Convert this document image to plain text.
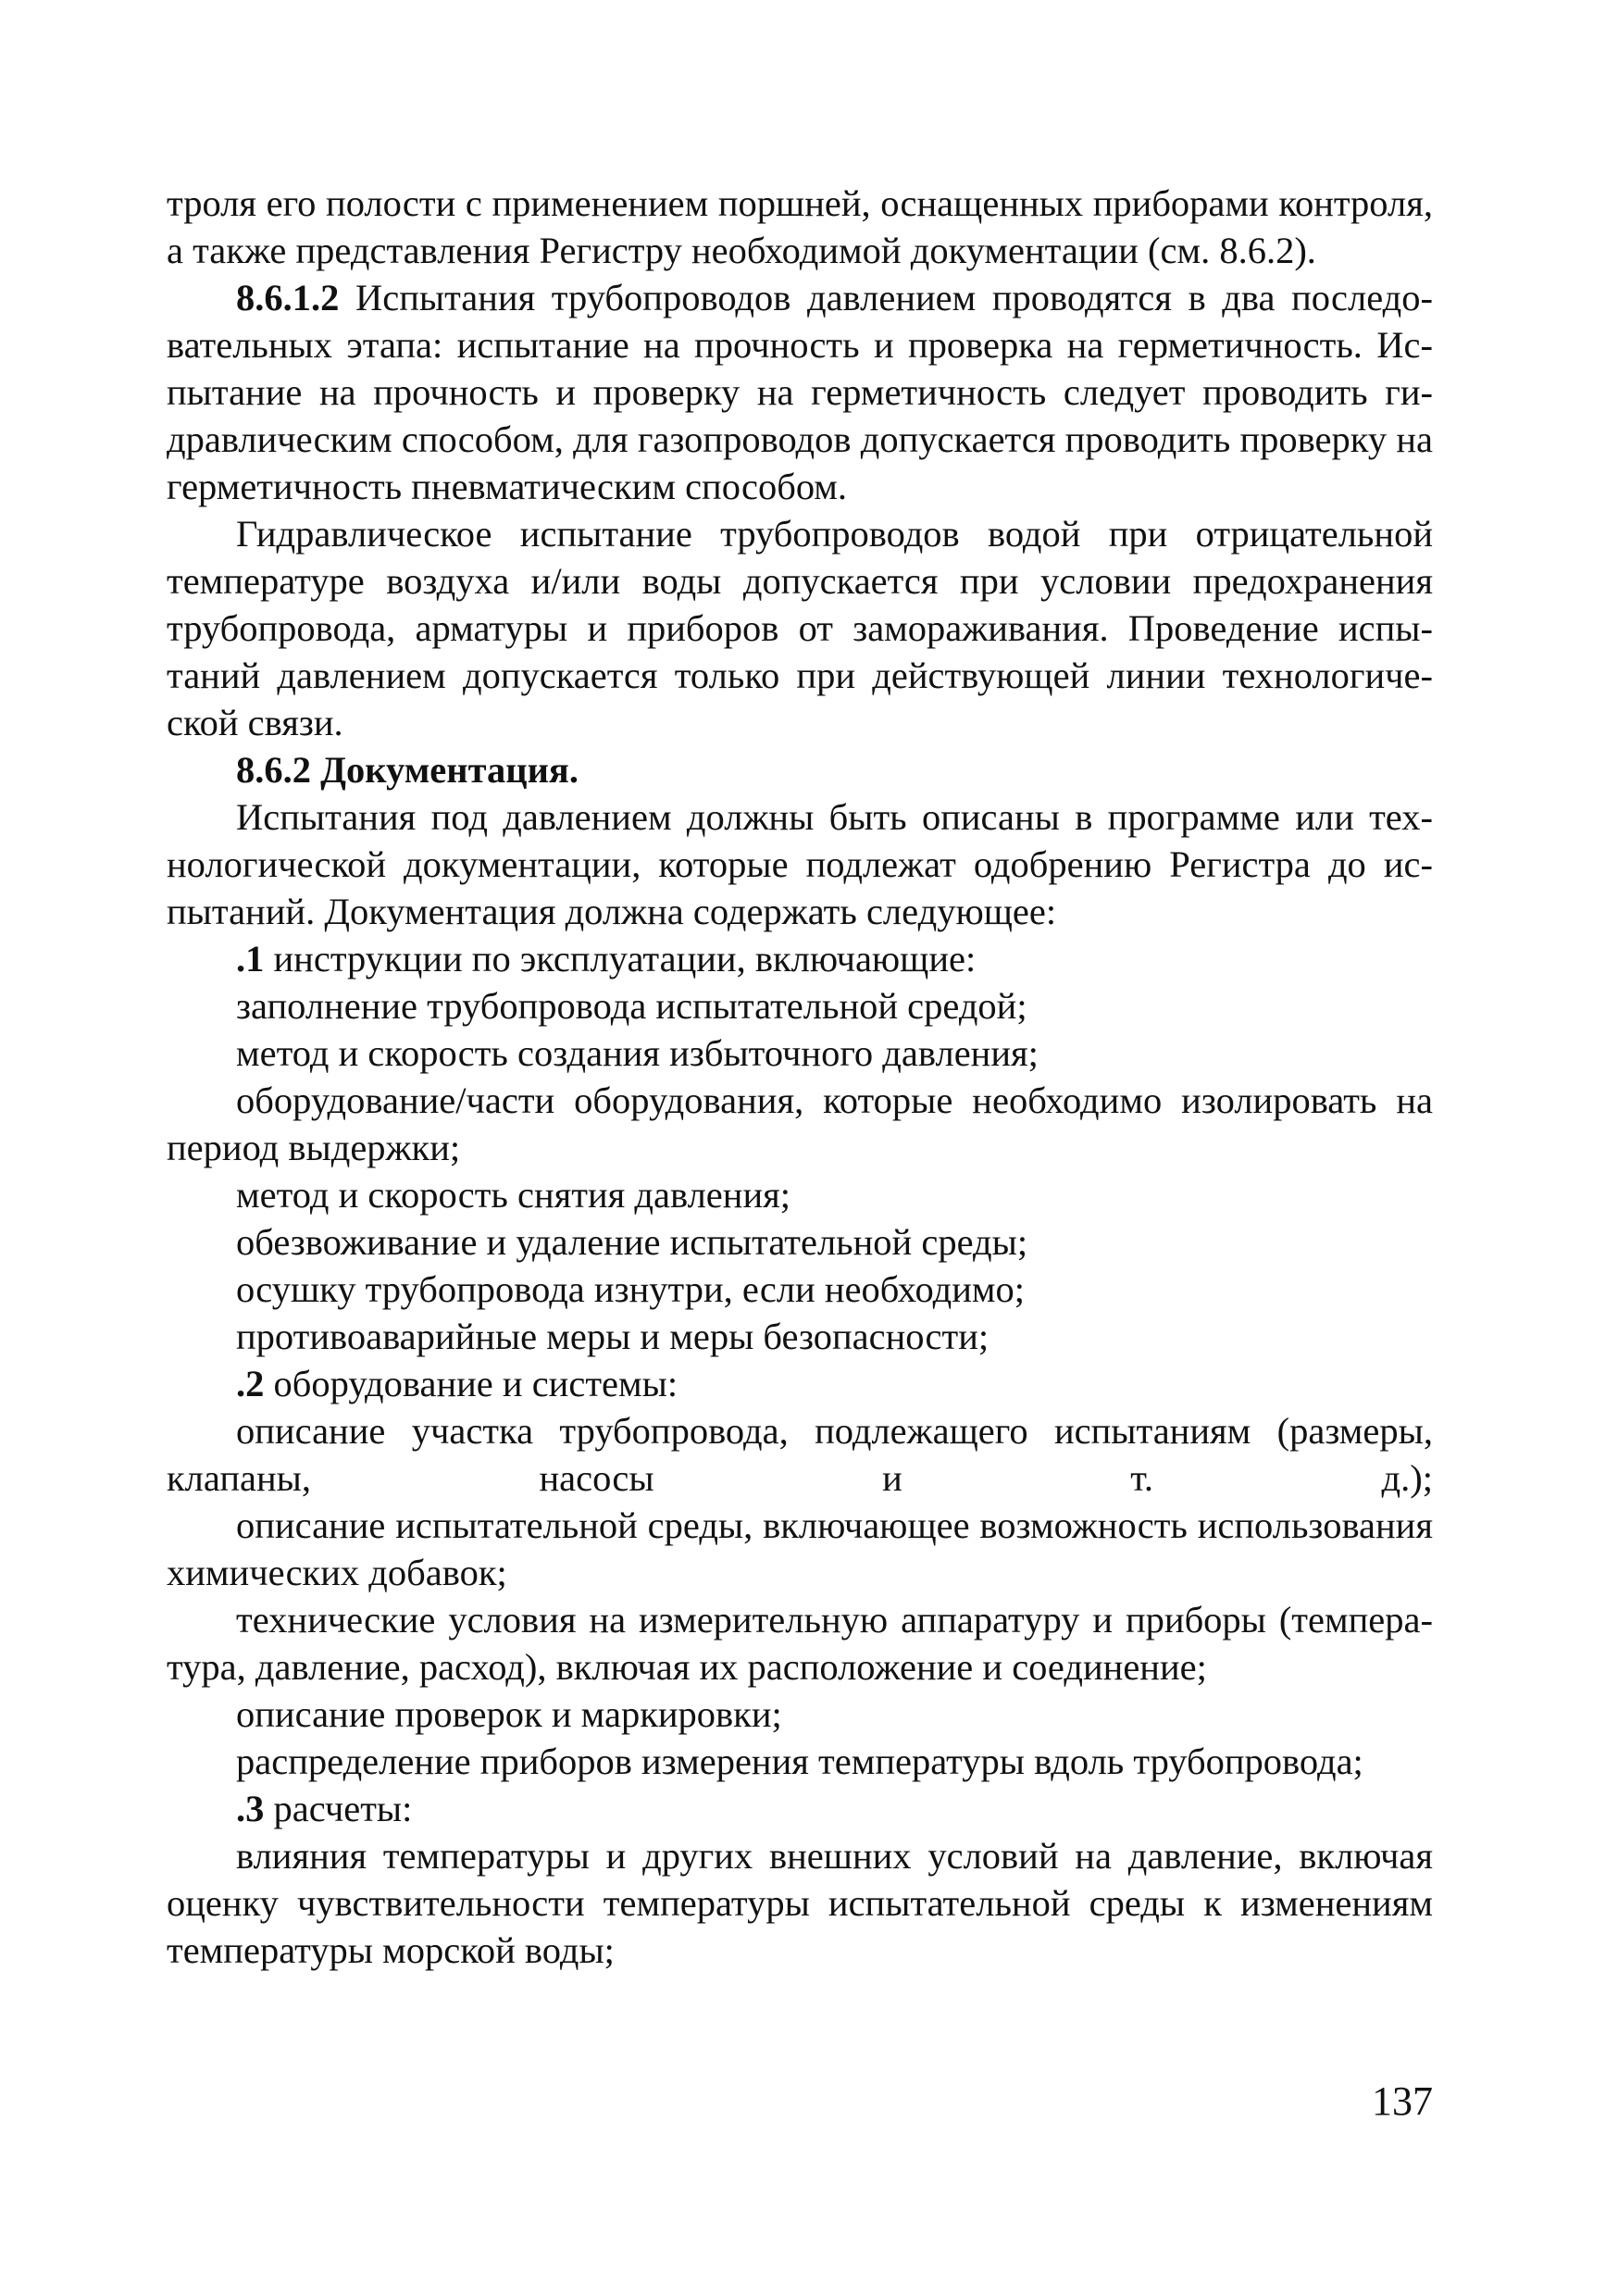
троля его полости с применением поршней, оснащенных приборами контроля, а также представления Регистру необходимой документации (см. 8.6.2).

8.6.1.2 Испытания трубопроводов давлением проводятся в два последовательных этапа: испытание на прочность и проверка на герметичность. Испытание на прочность и проверку на герметичность следует проводить гидравлическим способом, для газопроводов допускается проводить проверку на герметичность пневматическим способом.

Гидравлическое испытание трубопроводов водой при отрицательной температуре воздуха и/или воды допускается при условии предохранения трубопровода, арматуры и приборов от замораживания. Проведение испытаний давлением допускается только при действующей линии технологической связи.

8.6.2 Документация.

Испытания под давлением должны быть описаны в программе или технологической документации, которые подлежат одобрению Регистра до испытаний. Документация должна содержать следующее:

.1 инструкции по эксплуатации, включающие:

заполнение трубопровода испытательной средой;

метод и скорость создания избыточного давления;

оборудование/части оборудования, которые необходимо изолировать на период выдержки;

метод и скорость снятия давления;

обезвоживание и удаление испытательной среды;

осушку трубопровода изнутри, если необходимо;

противоаварийные меры и меры безопасности;

.2 оборудование и системы:

описание участка трубопровода, подлежащего испытаниям (размеры, клапаны, насосы и т. д.);

описание испытательной среды, включающее возможность использования химических добавок;

технические условия на измерительную аппаратуру и приборы (температура, давление, расход), включая их расположение и соединение;

описание проверок и маркировки;

распределение приборов измерения температуры вдоль трубопровода;

.3 расчеты:

влияния температуры и других внешних условий на давление, включая оценку чувствительности температуры испытательной среды к изменениям температуры морской воды;

137
